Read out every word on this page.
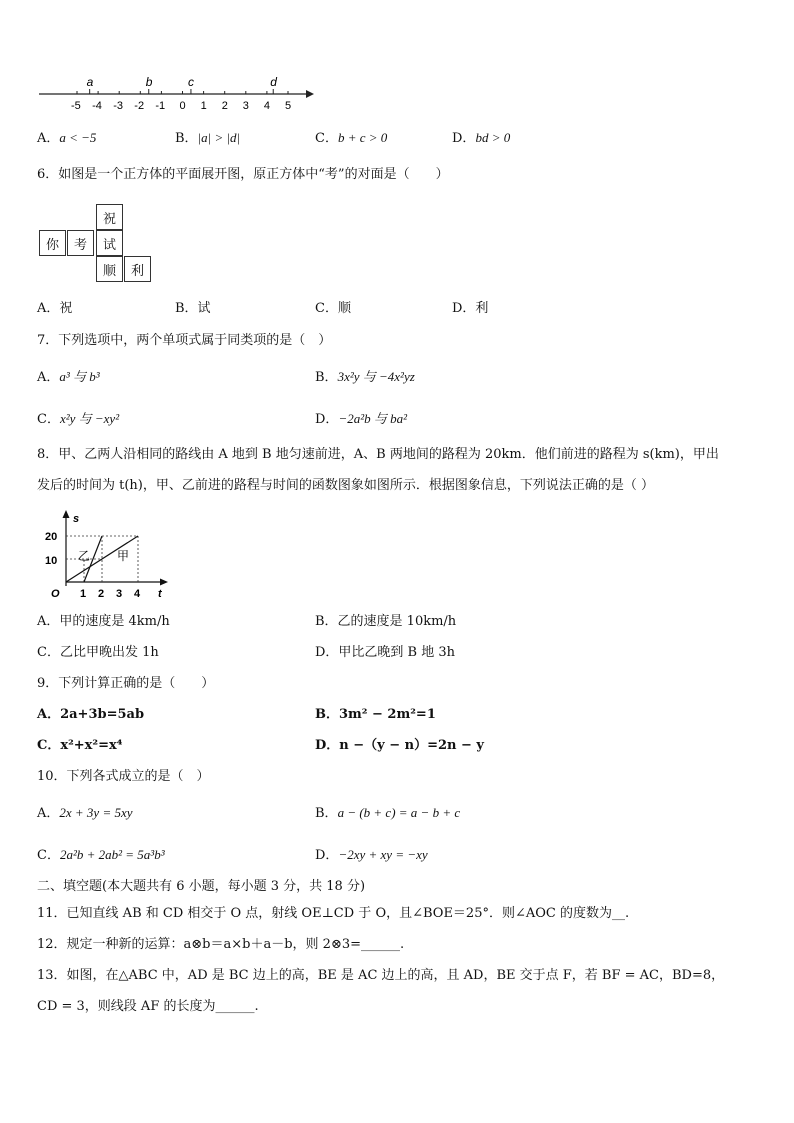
-5 -4 -3 -2 -1 0 1 2 3 4 5
a	b	c	d
A．a < −5	B．|a| > |d|	C．b + c > 0	D．bd > 0
6．如图是一个正方体的平面展开图，原正方体中“考”的对面是（　　）
祝
你	考	试
顺	利
A．祝	B．试	C．顺	D．利
7．下列选项中，两个单项式属于同类项的是（　）
A．a³ 与 b³	B．3x²y 与 −4x²yz
C．x²y 与 −xy²	D．−2a²b 与 ba²
8．甲、乙两人沿相同的路线由 A 地到 B 地匀速前进，A、B 两地间的路程为 20km．他们前进的路程为 s(km)，甲出
发后的时间为 t(h)，甲、乙前进的路程与时间的函数图象如图所示．根据图象信息，下列说法正确的是（ ）
s
t
O
20
10
1 2 3 4
乙 甲
A．甲的速度是 4km/h	B．乙的速度是 10km/h
C．乙比甲晚出发 1h	D．甲比乙晚到 B 地 3h
9．下列计算正确的是（　　）
A．2a+3b=5ab	B．3m² − 2m²=1
C．x²+x²=x⁴	D．n −（y − n）=2n − y
10．下列各式成立的是（　）
A．2x + 3y = 5xy	B．a − (b + c) = a − b + c
C．2a²b + 2ab² = 5a³b³	D．−2xy + xy = −xy
二、填空题(本大题共有 6 小题，每小题 3 分，共 18 分)
11．已知直线 AB 和 CD 相交于 O 点，射线 OE⊥CD 于 O，且∠BOE＝25°．则∠AOC 的度数为__.
12．规定一种新的运算：a⊗b＝a×b＋a－b，则 2⊗3=______.
13．如图，在△ABC 中，AD 是 BC 边上的高，BE 是 AC 边上的高，且 AD，BE 交于点 F，若 BF = AC，BD=8，
CD = 3，则线段 AF 的长度为______.
